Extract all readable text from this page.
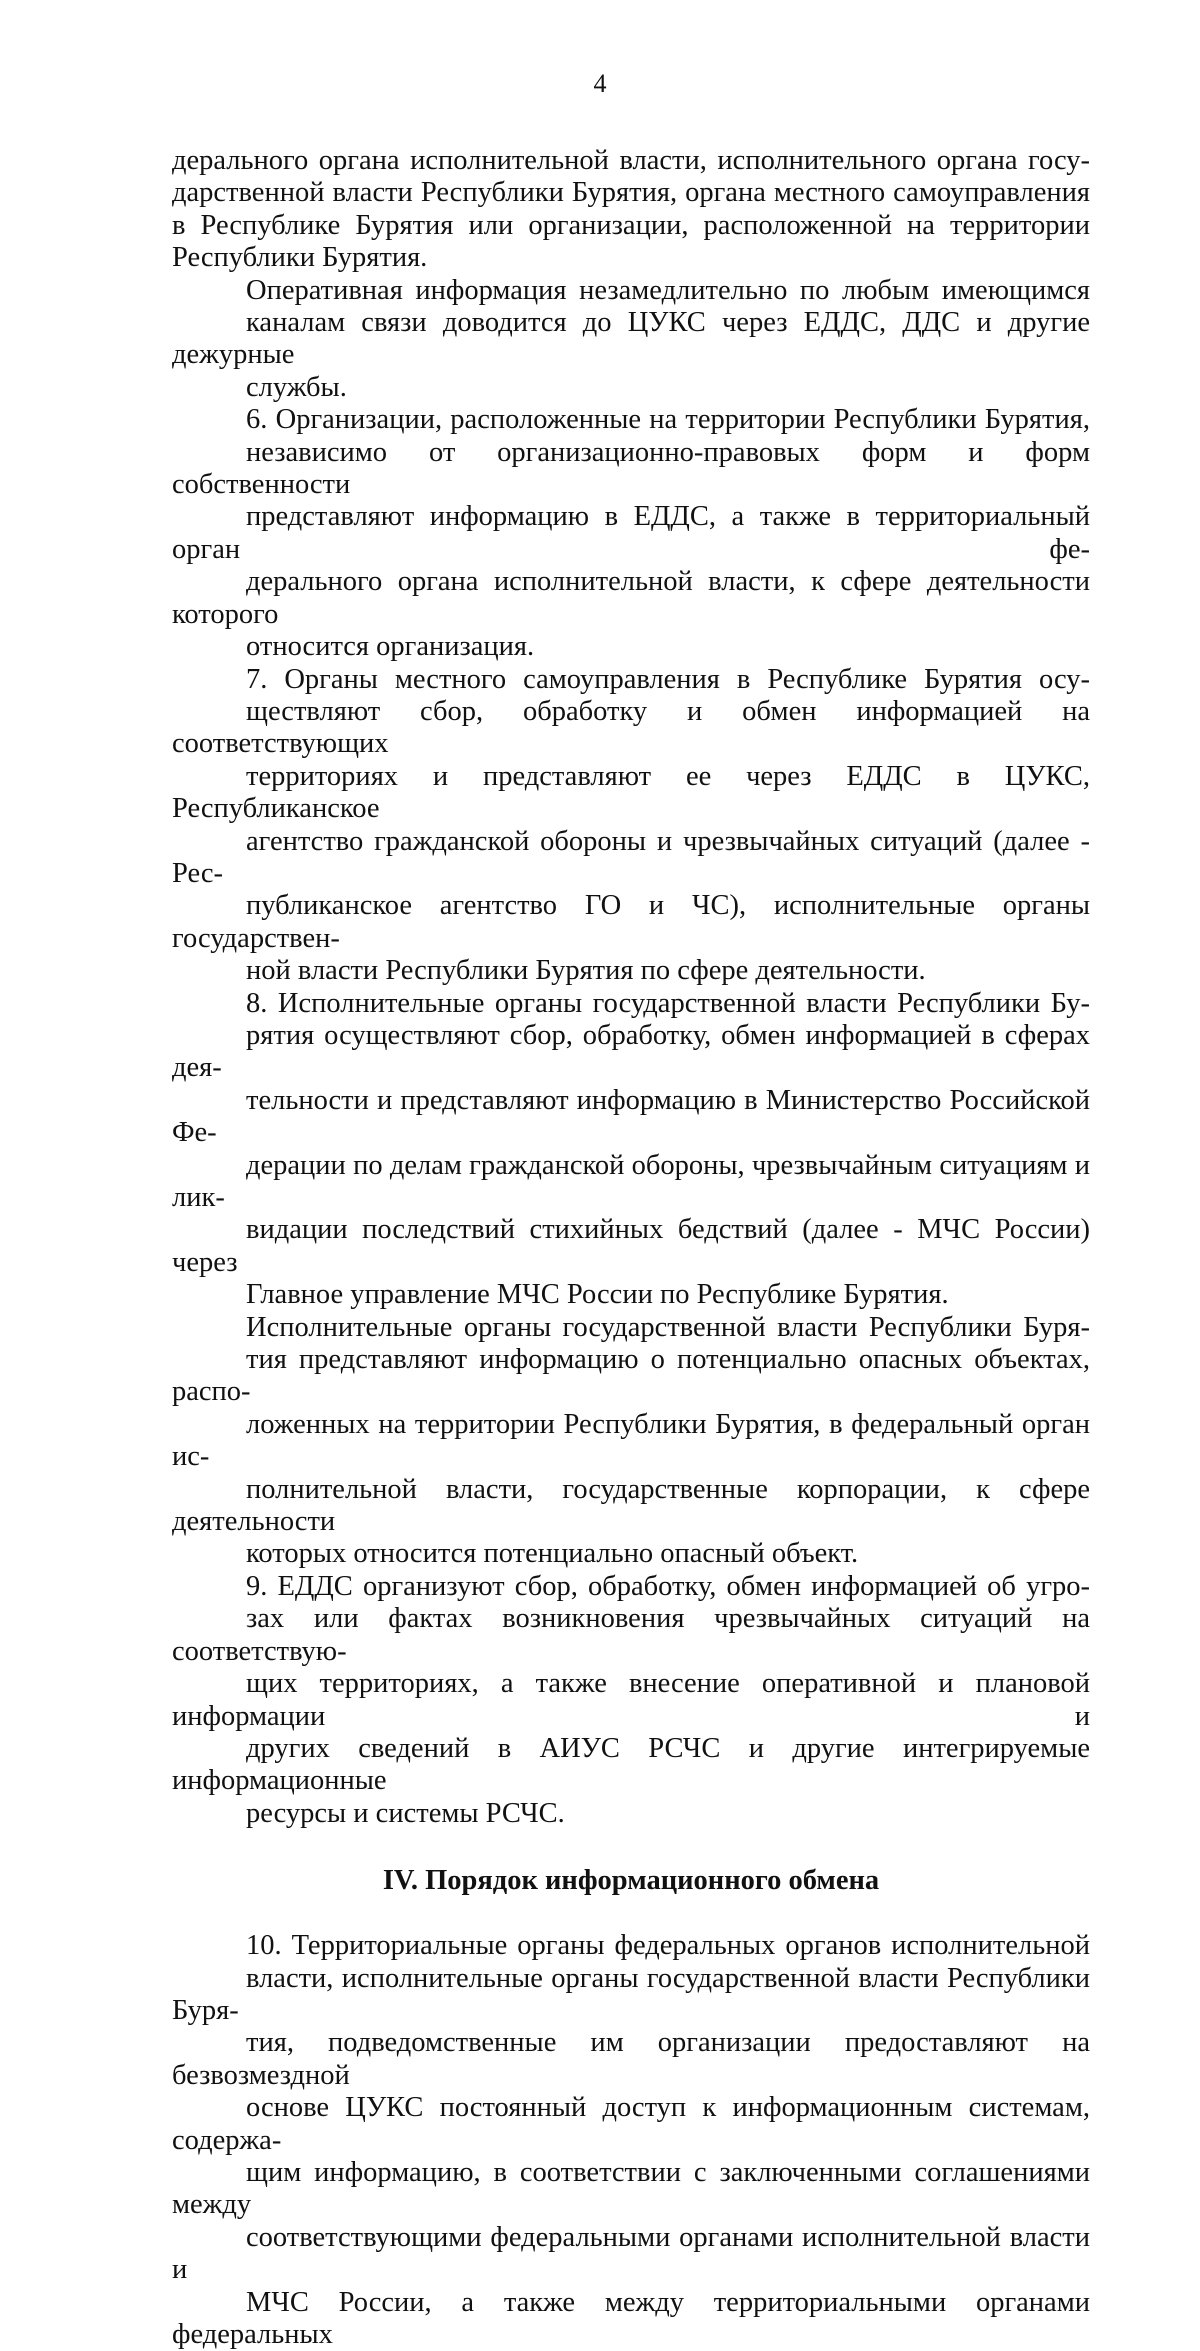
4
дерального органа исполнительной власти, исполнительного органа госу-
дарственной власти Республики Бурятия, органа местного самоуправления
в Республике Бурятия или организации, расположенной на территории
Республики Бурятия.
Оперативная информация незамедлительно по любым имеющимся
каналам связи доводится до ЦУКС через ЕДДС, ДДС и другие дежурные
службы.
6. Организации, расположенные на территории Республики Бурятия,
независимо от организационно-правовых форм и форм собственности
представляют информацию в ЕДДС, а также в территориальный орган фе-
дерального органа исполнительной власти, к сфере деятельности которого
относится организация.
7. Органы местного самоуправления в Республике Бурятия осу-
ществляют сбор, обработку и обмен информацией на соответствующих
территориях и представляют ее через ЕДДС в ЦУКС, Республиканское
агентство гражданской обороны и чрезвычайных ситуаций (далее - Рес-
публиканское агентство ГО и ЧС), исполнительные органы государствен-
ной власти Республики Бурятия по сфере деятельности.
8. Исполнительные органы государственной власти Республики Бу-
рятия осуществляют сбор, обработку, обмен информацией в сферах дея-
тельности и представляют информацию в Министерство Российской Фе-
дерации по делам гражданской обороны, чрезвычайным ситуациям и лик-
видации последствий стихийных бедствий (далее - МЧС России) через
Главное управление МЧС России по Республике Бурятия.
Исполнительные органы государственной власти Республики Буря-
тия представляют информацию о потенциально опасных объектах, распо-
ложенных на территории Республики Бурятия, в федеральный орган ис-
полнительной власти, государственные корпорации, к сфере деятельности
которых относится потенциально опасный объект.
9. ЕДДС организуют сбор, обработку, обмен информацией об угро-
зах или фактах возникновения чрезвычайных ситуаций на соответствую-
щих территориях, а также внесение оперативной и плановой информации и
других сведений в АИУС РСЧС и другие интегрируемые информационные
ресурсы и системы РСЧС.
IV. Порядок информационного обмена
10. Территориальные органы федеральных органов исполнительной
власти, исполнительные органы государственной власти Республики Буря-
тия, подведомственные им организации предоставляют на безвозмездной
основе ЦУКС постоянный доступ к информационным системам, содержа-
щим информацию, в соответствии с заключенными соглашениями между
соответствующими федеральными органами исполнительной власти и
МЧС России, а также между территориальными органами федеральных
